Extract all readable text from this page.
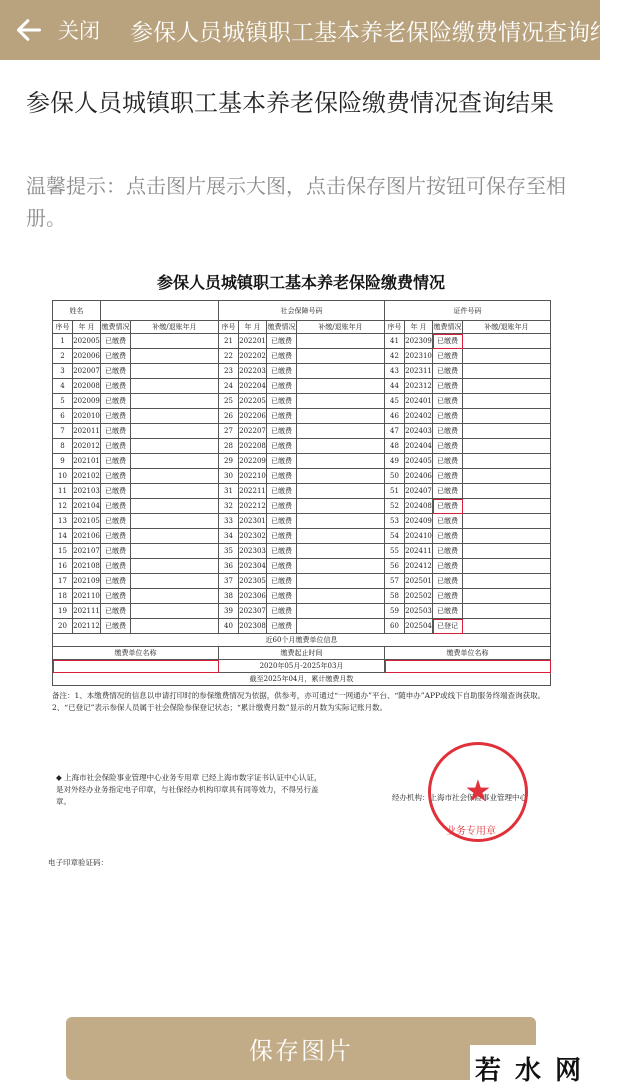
关闭 参保人员城镇职工基本养老保险缴费情况查询结果
参保人员城镇职工基本养老保险缴费情况查询结果
温馨提示：点击图片展示大图，点击保存图片按钮可保存至相册。
参保人员城镇职工基本养老保险缴费情况
姓名				社会保障号码				证件号码			
序号	年 月	缴费情况	补缴/退账年月	序号	年 月	缴费情况	补缴/退账年月	序号	年 月	缴费情况	补缴/退账年月
1	202005	已缴费		21	202201	已缴费		41	202309	已缴费	
2	202006	已缴费		22	202202	已缴费		42	202310	已缴费	
3	202007	已缴费		23	202203	已缴费		43	202311	已缴费	
4	202008	已缴费		24	202204	已缴费		44	202312	已缴费	
5	202009	已缴费		25	202205	已缴费		45	202401	已缴费	
6	202010	已缴费		26	202206	已缴费		46	202402	已缴费	
7	202011	已缴费		27	202207	已缴费		47	202403	已缴费	
8	202012	已缴费		28	202208	已缴费		48	202404	已缴费	
9	202101	已缴费		29	202209	已缴费		49	202405	已缴费	
10	202102	已缴费		30	202210	已缴费		50	202406	已缴费	
11	202103	已缴费		31	202211	已缴费		51	202407	已缴费	
12	202104	已缴费		32	202212	已缴费		52	202408	已缴费	
13	202105	已缴费		33	202301	已缴费		53	202409	已缴费	
14	202106	已缴费		34	202302	已缴费		54	202410	已缴费	
15	202107	已缴费		35	202303	已缴费		55	202411	已缴费	
16	202108	已缴费		36	202304	已缴费		56	202412	已缴费	
17	202109	已缴费		37	202305	已缴费		57	202501	已缴费	
18	202110	已缴费		38	202306	已缴费		58	202502	已缴费	
19	202111	已缴费		39	202307	已缴费		59	202503	已缴费	
20	202112	已缴费		40	202308	已缴费		60	202504	已登记	
近60个月缴费单位信息											
缴费单位名称				缴费起止时间				缴费单位名称			
				2020年05月-2025年03月							
截至2025年04月，累计缴费月数											
备注：1、本缴费情况的信息以申请打印时的参保缴费情况为依据，供参考，亦可通过“一网通办”平台、“随申办”APP或线下自助服务终端查询获取。
2、“已登记”表示参保人员属于社会保险参保登记状态；“累计缴费月数”显示的月数为实际记账月数。
◆ 上海市社会保险事业管理中心业务专用章 已经上海市数字证书认证中心认证，是对外经办业务指定电子印章，与社保经办机构印章具有同等效力，不得另行盖章。	经办机构：上海市社会保险事业管理中心
★
业务专用章
电子印章验证码：
保存图片
若水网
